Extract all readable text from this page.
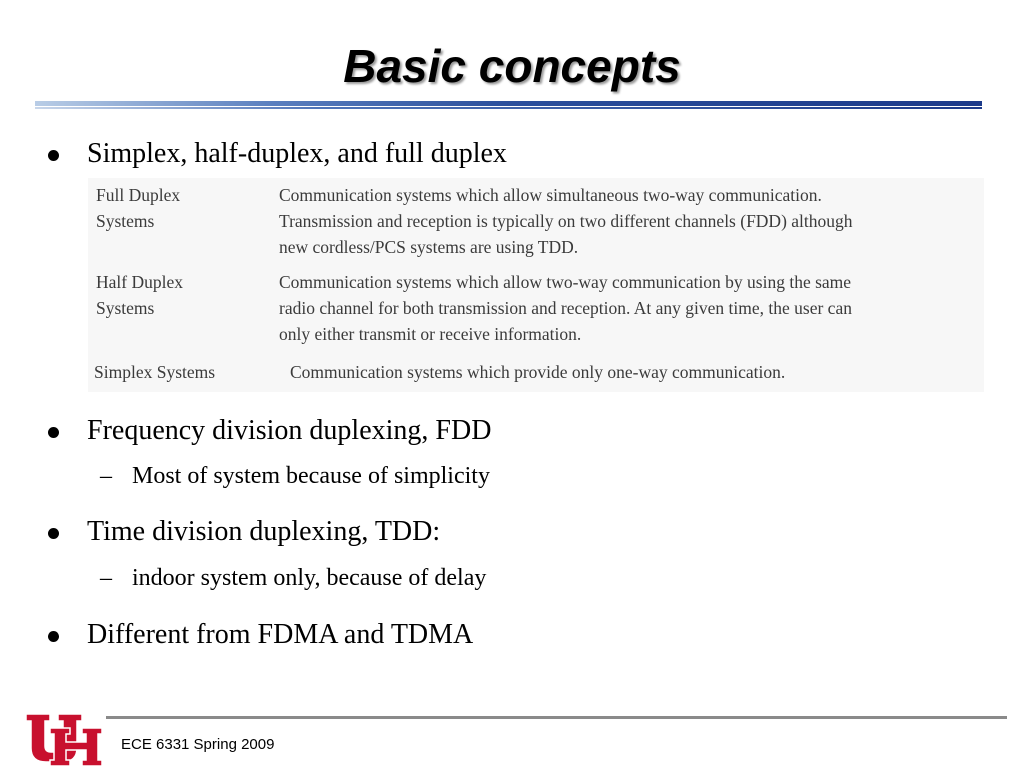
Basic concepts
Simplex, half-duplex, and full duplex
Full Duplex
Systems
Communication systems which allow simultaneous two-way communication.
Transmission and reception is typically on two different channels (FDD) although
new cordless/PCS systems are using TDD.
Half Duplex
Systems
Communication systems which allow two-way communication by using the same
radio channel for both transmission and reception. At any given time, the user can
only either transmit or receive information.
Simplex Systems	Communication systems which provide only one-way communication.
Frequency division duplexing, FDD
– Most of system because of simplicity
Time division duplexing, TDD:
– indoor system only, because of delay
Different from FDMA and TDMA
ECE 6331 Spring 2009
